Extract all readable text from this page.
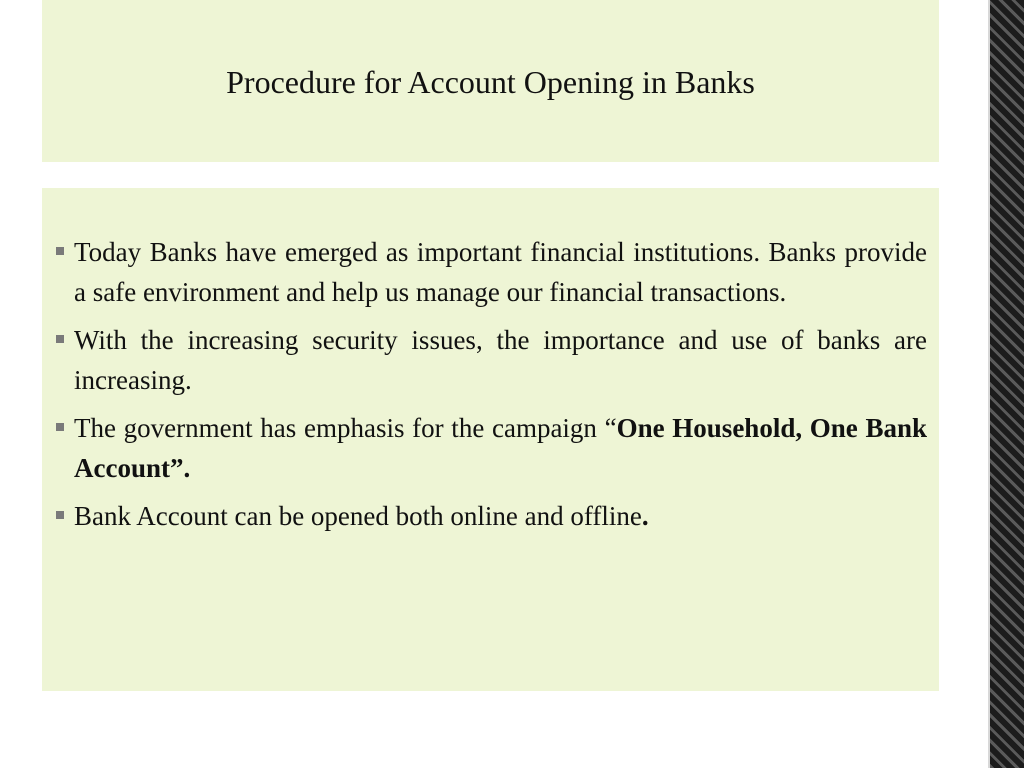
Procedure for Account Opening in Banks
Today Banks have emerged as important financial institutions. Banks provide a safe environment and help us manage our financial transactions.
With the increasing security issues, the importance and use of banks are increasing.
The government has emphasis for the campaign “One Household, One Bank Account”.
Bank Account can be opened both online and offline.
